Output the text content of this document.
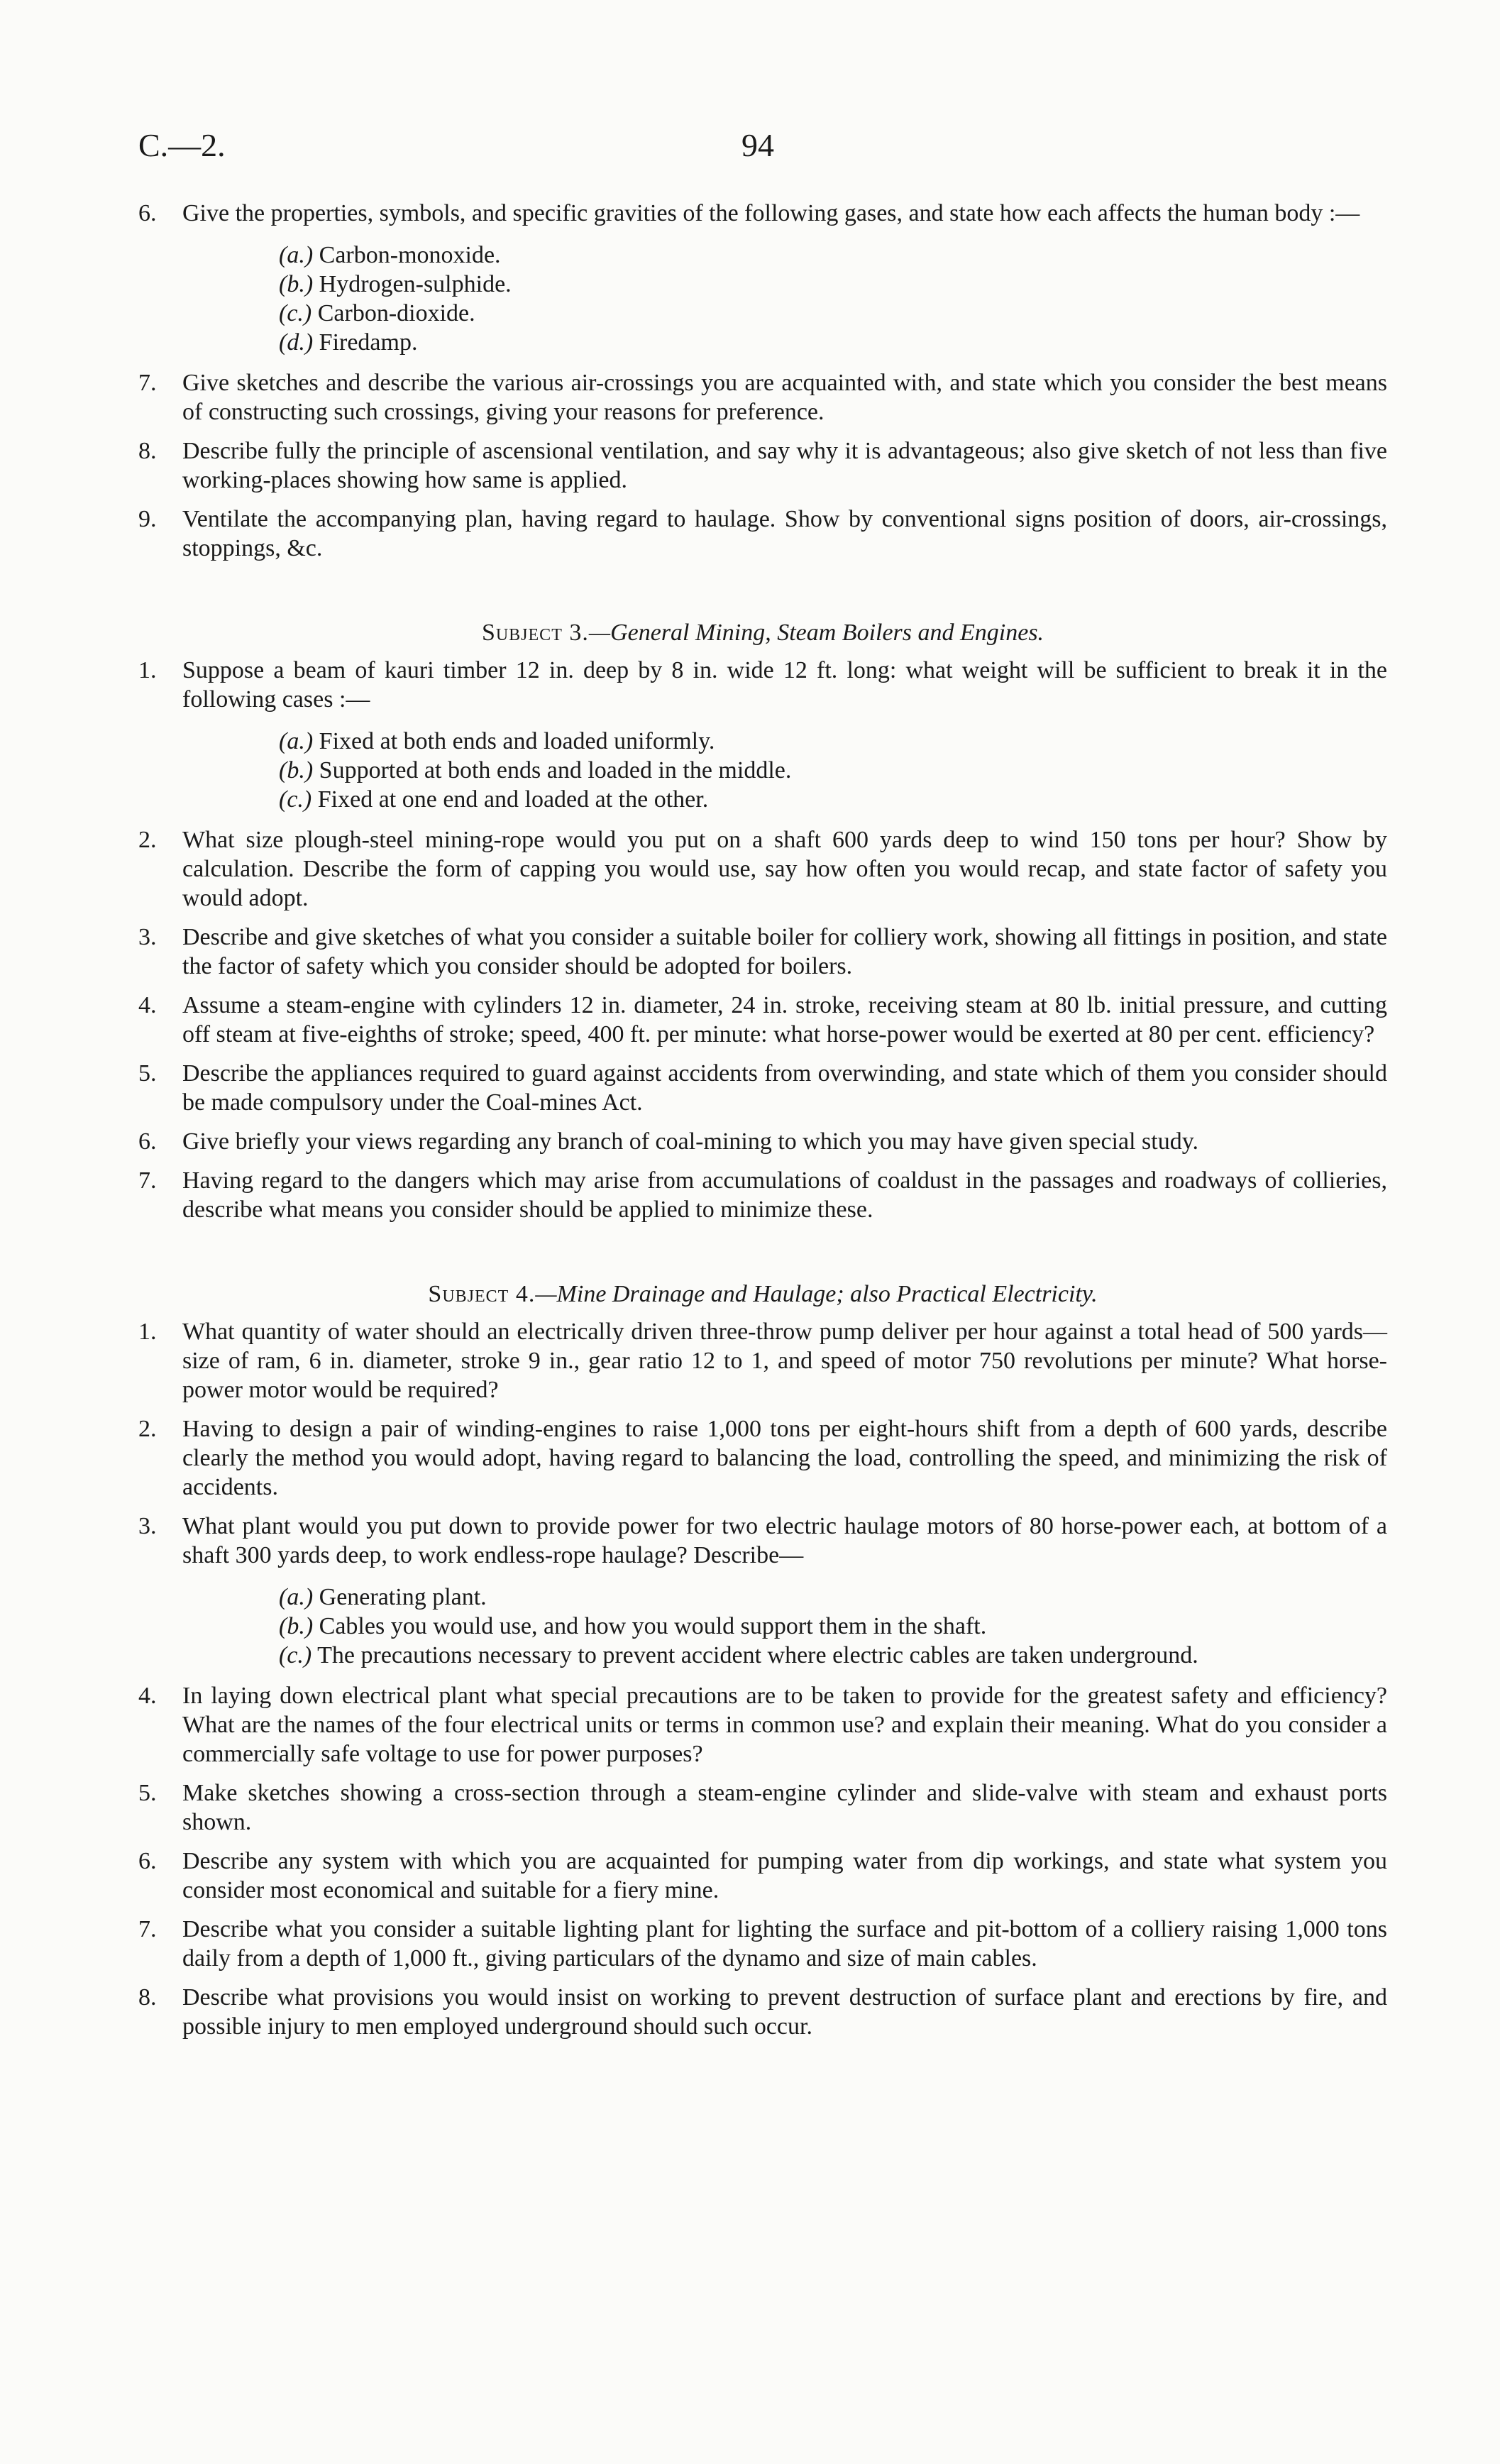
C.—2.	94
6. Give the properties, symbols, and specific gravities of the following gases, and state how each affects the human body :—
(a.) Carbon-monoxide.
(b.) Hydrogen-sulphide.
(c.) Carbon-dioxide.
(d.) Firedamp.
7. Give sketches and describe the various air-crossings you are acquainted with, and state which you consider the best means of constructing such crossings, giving your reasons for preference.
8. Describe fully the principle of ascensional ventilation, and say why it is advantageous; also give sketch of not less than five working-places showing how same is applied.
9. Ventilate the accompanying plan, having regard to haulage. Show by conventional signs position of doors, air-crossings, stoppings, &c.
Subject 3.—General Mining, Steam Boilers and Engines.
1. Suppose a beam of kauri timber 12 in. deep by 8 in. wide 12 ft. long: what weight will be sufficient to break it in the following cases :—
(a.) Fixed at both ends and loaded uniformly.
(b.) Supported at both ends and loaded in the middle.
(c.) Fixed at one end and loaded at the other.
2. What size plough-steel mining-rope would you put on a shaft 600 yards deep to wind 150 tons per hour? Show by calculation. Describe the form of capping you would use, say how often you would recap, and state factor of safety you would adopt.
3. Describe and give sketches of what you consider a suitable boiler for colliery work, showing all fittings in position, and state the factor of safety which you consider should be adopted for boilers.
4. Assume a steam-engine with cylinders 12 in. diameter, 24 in. stroke, receiving steam at 80 lb. initial pressure, and cutting off steam at five-eighths of stroke; speed, 400 ft. per minute: what horse-power would be exerted at 80 per cent. efficiency?
5. Describe the appliances required to guard against accidents from overwinding, and state which of them you consider should be made compulsory under the Coal-mines Act.
6. Give briefly your views regarding any branch of coal-mining to which you may have given special study.
7. Having regard to the dangers which may arise from accumulations of coaldust in the passages and roadways of collieries, describe what means you consider should be applied to minimize these.
Subject 4.—Mine Drainage and Haulage; also Practical Electricity.
1. What quantity of water should an electrically driven three-throw pump deliver per hour against a total head of 500 yards—size of ram, 6 in. diameter, stroke 9 in., gear ratio 12 to 1, and speed of motor 750 revolutions per minute? What horse-power motor would be required?
2. Having to design a pair of winding-engines to raise 1,000 tons per eight-hours shift from a depth of 600 yards, describe clearly the method you would adopt, having regard to balancing the load, controlling the speed, and minimizing the risk of accidents.
3. What plant would you put down to provide power for two electric haulage motors of 80 horse-power each, at bottom of a shaft 300 yards deep, to work endless-rope haulage? Describe—
(a.) Generating plant.
(b.) Cables you would use, and how you would support them in the shaft.
(c.) The precautions necessary to prevent accident where electric cables are taken underground.
4. In laying down electrical plant what special precautions are to be taken to provide for the greatest safety and efficiency? What are the names of the four electrical units or terms in common use? and explain their meaning. What do you consider a commercially safe voltage to use for power purposes?
5. Make sketches showing a cross-section through a steam-engine cylinder and slide-valve with steam and exhaust ports shown.
6. Describe any system with which you are acquainted for pumping water from dip workings, and state what system you consider most economical and suitable for a fiery mine.
7. Describe what you consider a suitable lighting plant for lighting the surface and pit-bottom of a colliery raising 1,000 tons daily from a depth of 1,000 ft., giving particulars of the dynamo and size of main cables.
8. Describe what provisions you would insist on working to prevent destruction of surface plant and erections by fire, and possible injury to men employed underground should such occur.
